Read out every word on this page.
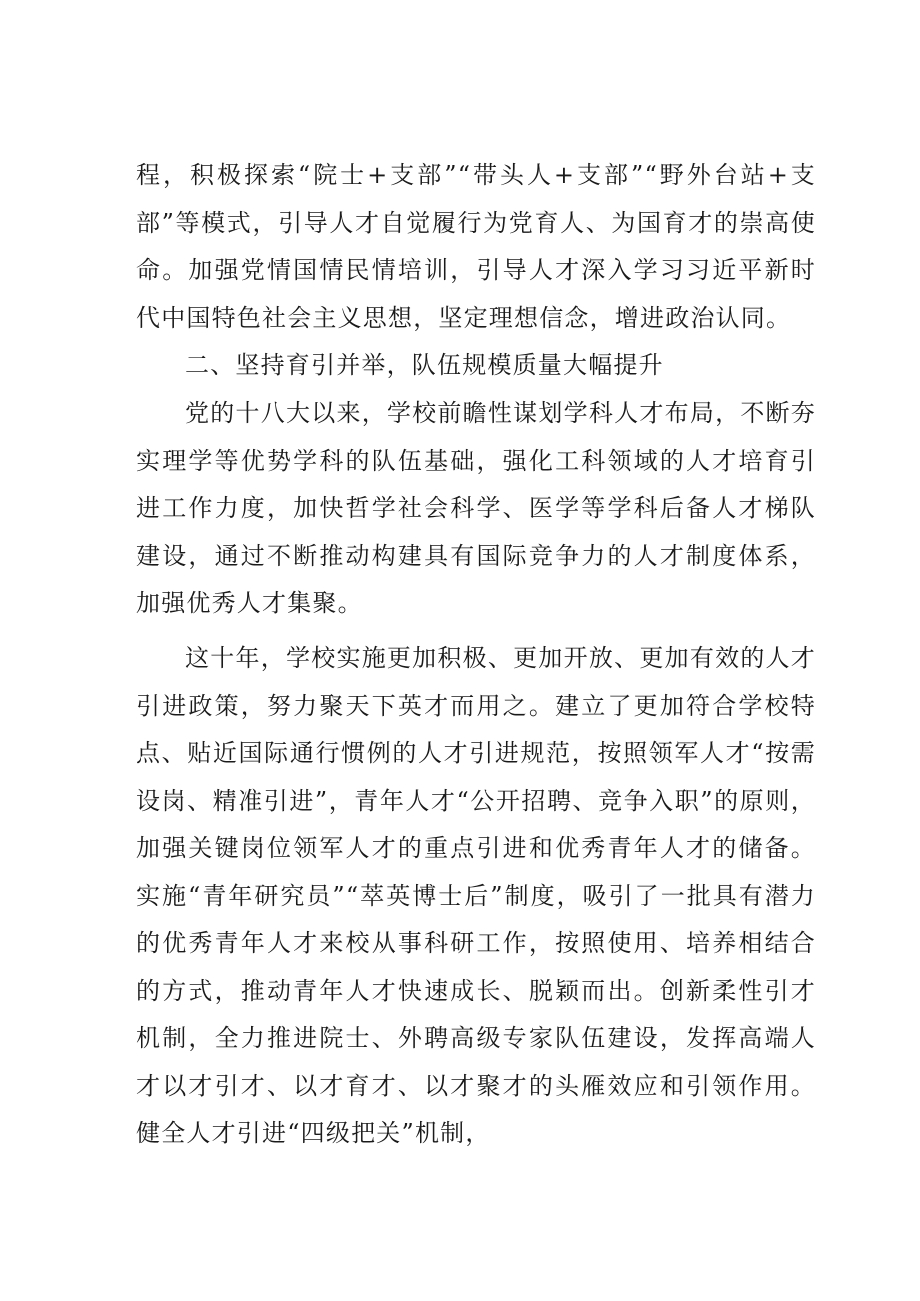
程，积极探索“院士+支部”“带头人+支部”“野外台站+支部”等模式，引导人才自觉履行为党育人、为国育才的崇高使命。加强党情国情民情培训，引导人才深入学习习近平新时代中国特色社会主义思想，坚定理想信念，增进政治认同。

二、坚持育引并举，队伍规模质量大幅提升

党的十八大以来，学校前瞻性谋划学科人才布局，不断夯实理学等优势学科的队伍基础，强化工科领域的人才培育引进工作力度，加快哲学社会科学、医学等学科后备人才梯队建设，通过不断推动构建具有国际竞争力的人才制度体系，加强优秀人才集聚。

这十年，学校实施更加积极、更加开放、更加有效的人才引进政策，努力聚天下英才而用之。建立了更加符合学校特点、贴近国际通行惯例的人才引进规范，按照领军人才“按需设岗、精准引进”，青年人才“公开招聘、竞争入职”的原则，加强关键岗位领军人才的重点引进和优秀青年人才的储备。实施“青年研究员”“萃英博士后”制度，吸引了一批具有潜力的优秀青年人才来校从事科研工作，按照使用、培养相结合的方式，推动青年人才快速成长、脱颖而出。创新柔性引才机制，全力推进院士、外聘高级专家队伍建设，发挥高端人才以才引才、以才育才、以才聚才的头雁效应和引领作用。健全人才引进“四级把关”机制，
